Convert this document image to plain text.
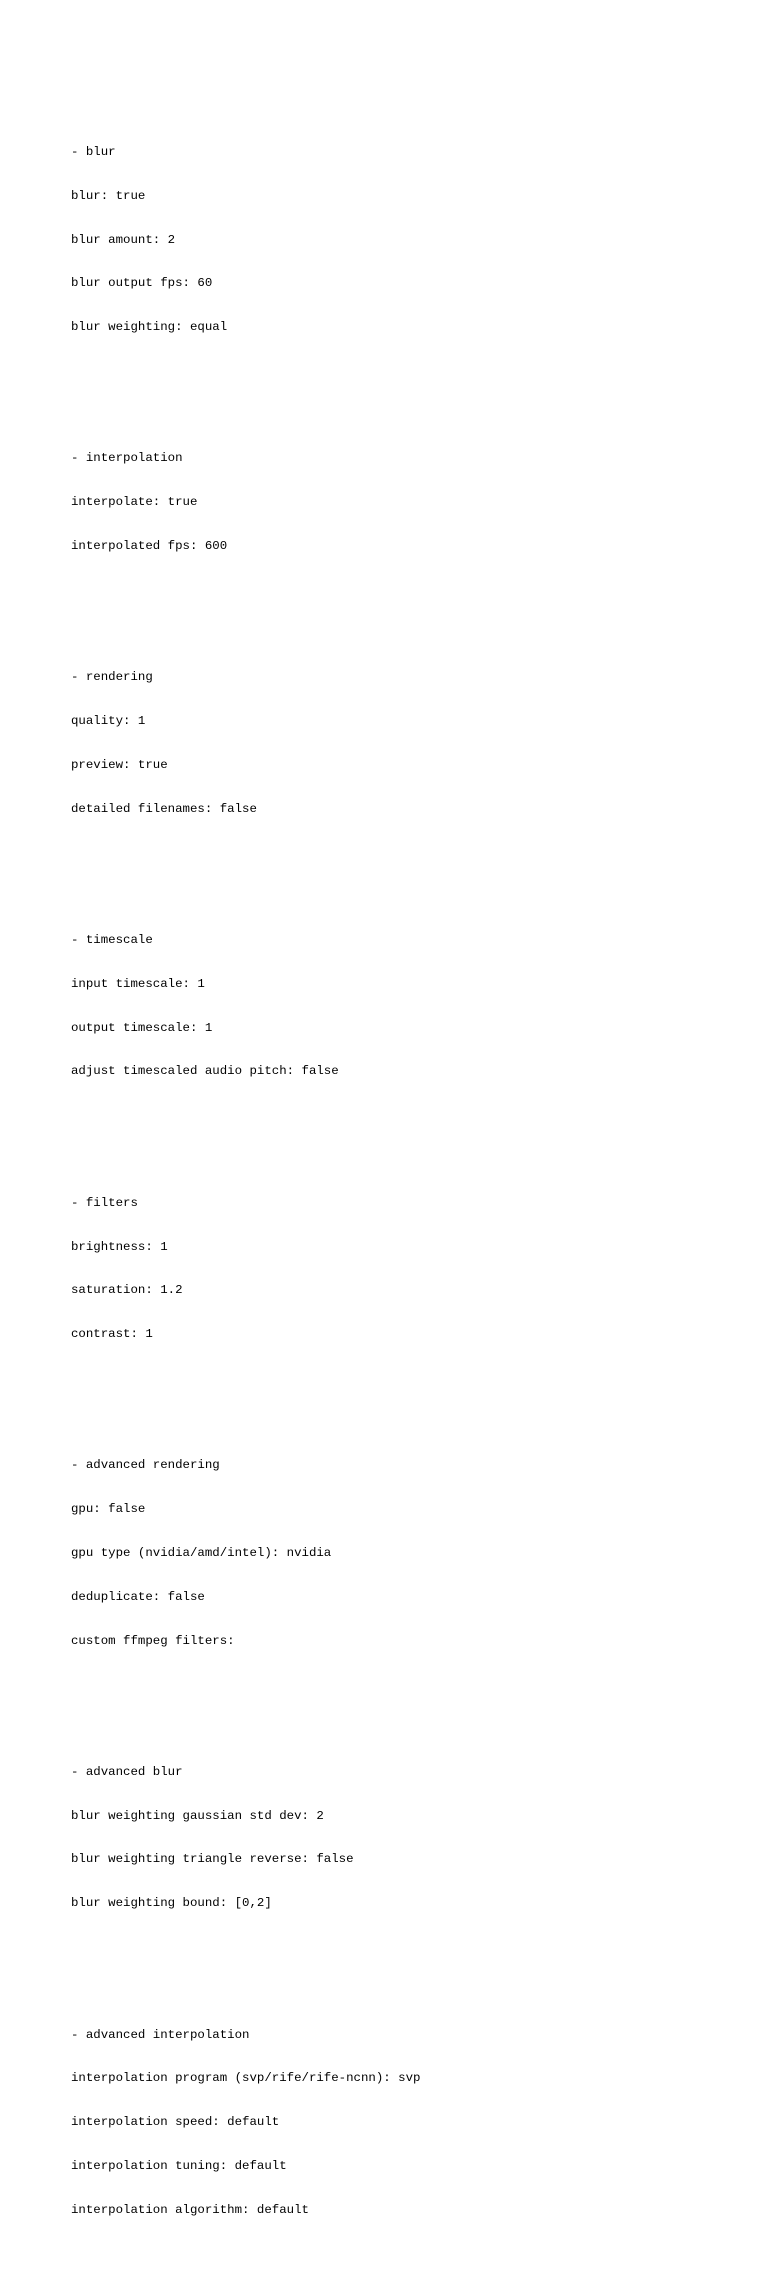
- blur

blur: true

blur amount: 2

blur output fps: 60

blur weighting: equal

- interpolation

interpolate: true

interpolated fps: 600

- rendering

quality: 1

preview: true

detailed filenames: false

- timescale

input timescale: 1

output timescale: 1

adjust timescaled audio pitch: false

- filters

brightness: 1

saturation: 1.2

contrast: 1

- advanced rendering

gpu: false

gpu type (nvidia/amd/intel): nvidia

deduplicate: false

custom ffmpeg filters:

- advanced blur

blur weighting gaussian std dev: 2

blur weighting triangle reverse: false

blur weighting bound: [0,2]

- advanced interpolation

interpolation program (svp/rife/rife-ncnn): svp

interpolation speed: default

interpolation tuning: default

interpolation algorithm: default
